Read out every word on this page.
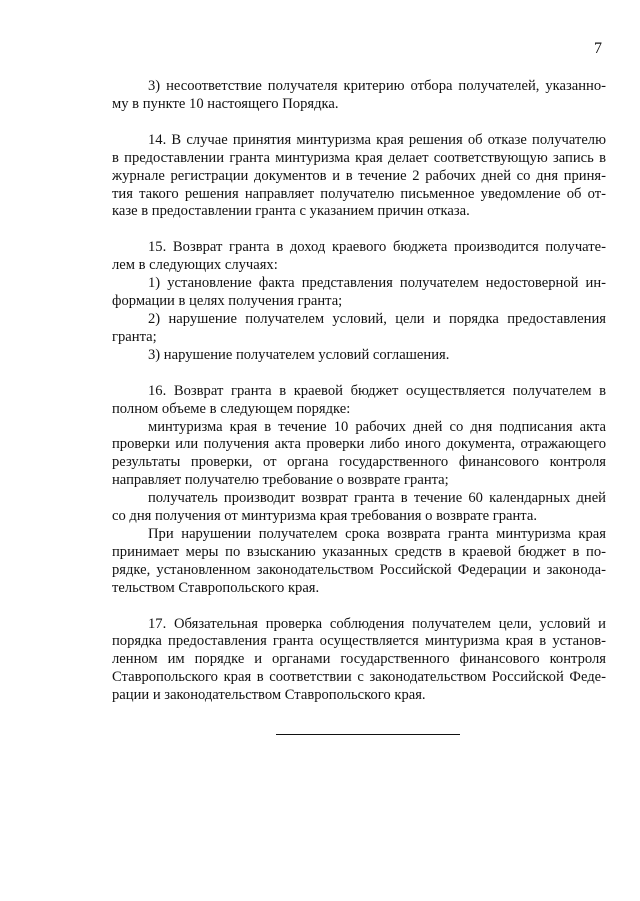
7
3) несоответствие получателя критерию отбора получателей, указанно-
му в пункте 10 настоящего Порядка.
14. В случае принятия минтуризма края решения об отказе получателю
в предоставлении гранта минтуризма края делает соответствующую запись в
журнале регистрации документов и в течение 2 рабочих дней со дня приня-
тия такого решения направляет получателю письменное уведомление об от-
казе в предоставлении гранта с указанием причин отказа.
15. Возврат гранта в доход краевого бюджета производится получате-
лем в следующих случаях:
1) установление факта представления получателем недостоверной ин-
формации в целях получения гранта;
2) нарушение получателем условий, цели и порядка предоставления
гранта;
3) нарушение получателем условий соглашения.
16. Возврат гранта в краевой бюджет осуществляется получателем в
полном объеме в следующем порядке:
минтуризма края в течение 10 рабочих дней со дня подписания акта
проверки или получения акта проверки либо иного документа, отражающего
результаты проверки, от органа государственного финансового контроля
направляет получателю требование о возврате гранта;
получатель производит возврат гранта в течение 60 календарных дней
со дня получения от минтуризма края требования о возврате гранта.
При нарушении получателем срока возврата гранта минтуризма края
принимает меры по взысканию указанных средств в краевой бюджет в по-
рядке, установленном законодательством Российской Федерации и законода-
тельством Ставропольского края.
17. Обязательная проверка соблюдения получателем цели, условий и
порядка предоставления гранта осуществляется минтуризма края в установ-
ленном им порядке и органами государственного финансового контроля
Ставропольского края в соответствии с законодательством Российской Феде-
рации и законодательством Ставропольского края.
